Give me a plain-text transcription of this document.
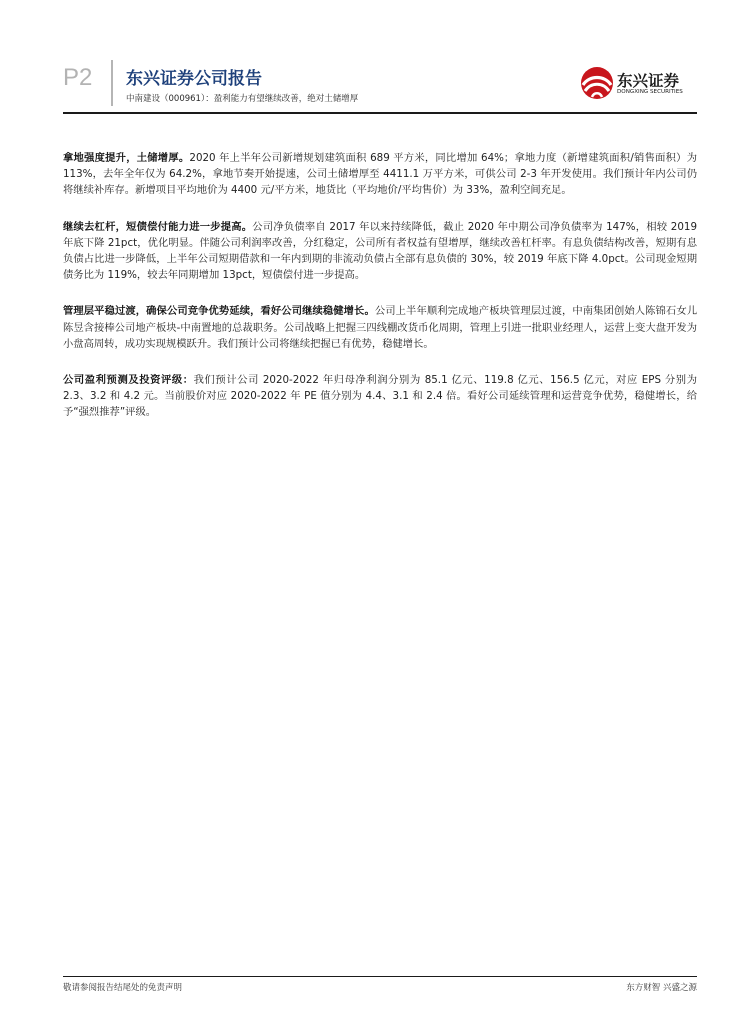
P2 东兴证券公司报告
中南建设（000961）：盈利能力有望继续改善，绝对土储增厚
东兴证券
DONGXING SECURITIES

拿地强度提升，土储增厚。2020 年上半年公司新增规划建筑面积 689 平方米，同比增加 64%；拿地力度（新增建筑面积/销售面积）为 113%，去年全年仅为 64.2%，拿地节奏开始提速，公司土储增厚至 4411.1 万平方米，可供公司 2-3 年开发使用。我们预计年内公司仍将继续补库存。新增项目平均地价为 4400 元/平方米，地货比（平均地价/平均售价）为 33%，盈利空间充足。

继续去杠杆，短债偿付能力进一步提高。公司净负债率自 2017 年以来持续降低，截止 2020 年中期公司净负债率为 147%，相较 2019 年底下降 21pct，优化明显。伴随公司利润率改善，分红稳定，公司所有者权益有望增厚，继续改善杠杆率。有息负债结构改善，短期有息负债占比进一步降低，上半年公司短期借款和一年内到期的非流动负债占全部有息负债的 30%，较 2019 年底下降 4.0pct。公司现金短期债务比为 119%，较去年同期增加 13pct，短债偿付进一步提高。

管理层平稳过渡，确保公司竞争优势延续，看好公司继续稳健增长。公司上半年顺利完成地产板块管理层过渡，中南集团创始人陈锦石女儿陈昱含接棒公司地产板块-中南置地的总裁职务。公司战略上把握三四线棚改货币化周期，管理上引进一批职业经理人，运营上变大盘开发为小盘高周转，成功实现规模跃升。我们预计公司将继续把握已有优势，稳健增长。

公司盈利预测及投资评级：我们预计公司 2020-2022 年归母净利润分别为 85.1 亿元、119.8 亿元、156.5 亿元，对应 EPS 分别为 2.3、3.2 和 4.2 元。当前股价对应 2020-2022 年 PE 值分别为 4.4、3.1 和 2.4 倍。看好公司延续管理和运营竞争优势，稳健增长，给予“强烈推荐”评级。

敬请参阅报告结尾处的免责声明	东方财智 兴盛之源
